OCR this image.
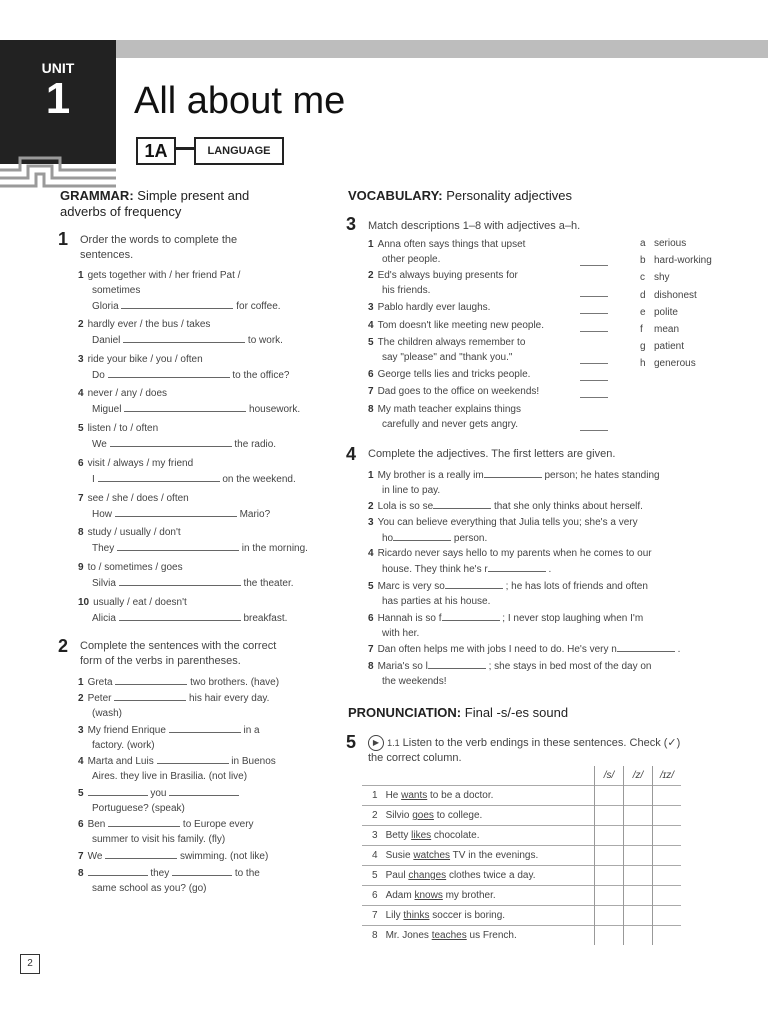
UNIT
1	All about me
1A	LANGUAGE
GRAMMAR: Simple present and
adverbs of frequency
1 Order the words to complete the
sentences.
1 gets together with / her friend Pat /
sometimes
Gloria	for coffee.
2 hardly ever / the bus / takes
Daniel	to work.
3 ride your bike / you / often
Do	to the office?
4 never / any / does
Miguel	housework.
5 listen / to / often
We	the radio.
6 visit / always / my friend
I	on the weekend.
7 see / she / does / often
How	Mario?
8 study / usually / don't
They	in the morning.
9 to / sometimes / goes
Silvia	the theater.
10 usually / eat / doesn't
Alicia	breakfast.
2 Complete the sentences with the correct
form of the verbs in parentheses.
1 Greta	two brothers. (have)
2 Peter	his hair every day.
(wash)
3 My friend Enrique	in a
factory. (work)
4 Marta and Luis	in Buenos
Aires. they live in Brasilia. (not live)
5	you
Portuguese? (speak)
6 Ben	to Europe every
summer to visit his family. (fly)
7 We	swimming. (not like)
8	they	to the
same school as you? (go)
VOCABULARY: Personality adjectives
3 Match descriptions 1–8 with adjectives a–h.
1 Anna often says things that upset
other people.
2 Ed's always buying presents for
his friends.
3 Pablo hardly ever laughs.
4 Tom doesn't like meeting new people.
5 The children always remember to
say "please" and "thank you."
6 George tells lies and tricks people.
7 Dad goes to the office on weekends!
8 My math teacher explains things
carefully and never gets angry.
a serious
b hard-working
c shy
d dishonest
e polite
f mean
g patient
h generous
4 Complete the adjectives. The first letters are given.
1 My brother is a really im	person; he hates standing
in line to pay.
2 Lola is so se	that she only thinks about herself.
3 You can believe everything that Julia tells you; she's a very
ho	person.
4 Ricardo never says hello to my parents when he comes to our
house. They think he's r	.
5 Marc is very so	; he has lots of friends and often
has parties at his house.
6 Hannah is so f	; I never stop laughing when I'm
with her.
7 Dan often helps me with jobs I need to do. He's very n	.
8 Maria's so l	; she stays in bed most of the day on
the weekends!
PRONUNCIATION: Final -s/-es sound
5	▶ 1.1 Listen to the verb endings in these sentences. Check (✓)
the correct column.
	/s/	/z/	/ɪz/
1 He wants to be a doctor.			
2 Silvio goes to college.			
3 Betty likes chocolate.			
4 Susie watches TV in the evenings.			
5 Paul changes clothes twice a day.			
6 Adam knows my brother.			
7 Lily thinks soccer is boring.			
8 Mr. Jones teaches us French.			
2
